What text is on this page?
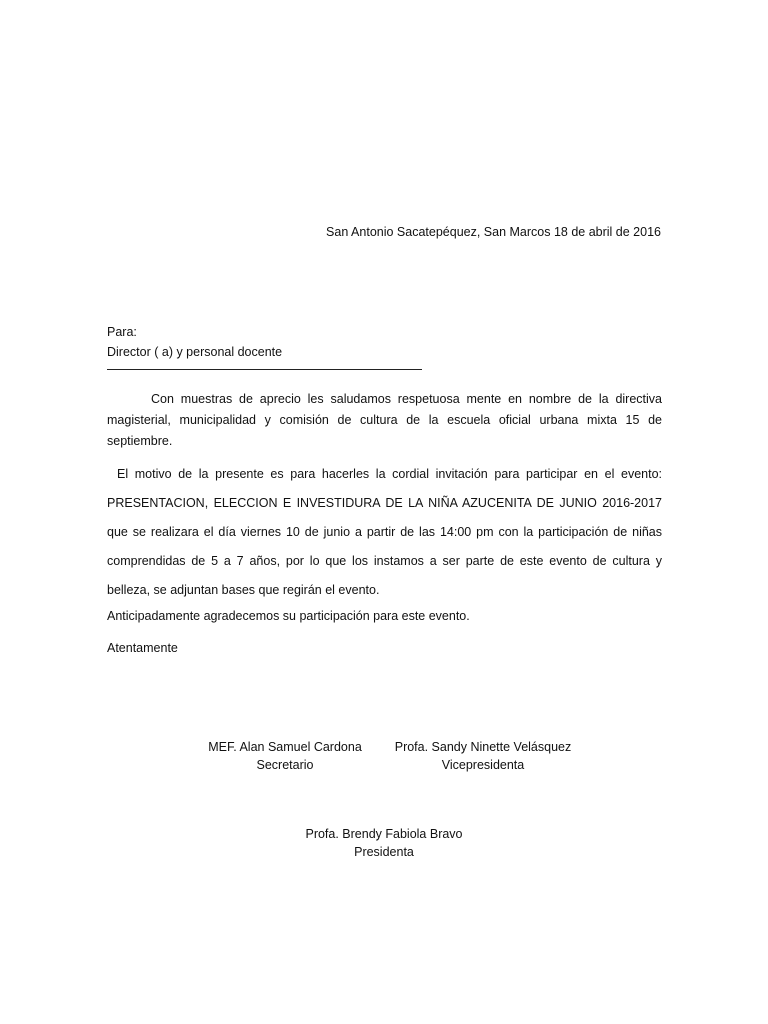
San Antonio Sacatepéquez, San Marcos 18 de abril de 2016
Para:
Director ( a) y personal docente
Con muestras de aprecio les saludamos respetuosa mente en nombre de la directiva magisterial, municipalidad y comisión de cultura de la escuela oficial urbana mixta 15 de septiembre.
El motivo de la presente es para hacerles la cordial invitación para participar en el evento: PRESENTACION, ELECCION E INVESTIDURA DE LA NIÑA AZUCENITA DE JUNIO 2016-2017 que se realizara el día viernes 10 de junio a partir de las 14:00 pm con la participación de niñas comprendidas de 5 a 7 años, por lo que los instamos a ser parte de este evento de cultura y belleza, se adjuntan bases que regirán el evento.
Anticipadamente agradecemos su participación para este evento.
Atentamente
MEF. Alan Samuel Cardona
Secretario
Profa. Sandy Ninette Velásquez
Vicepresidenta
Profa. Brendy Fabiola Bravo
Presidenta
